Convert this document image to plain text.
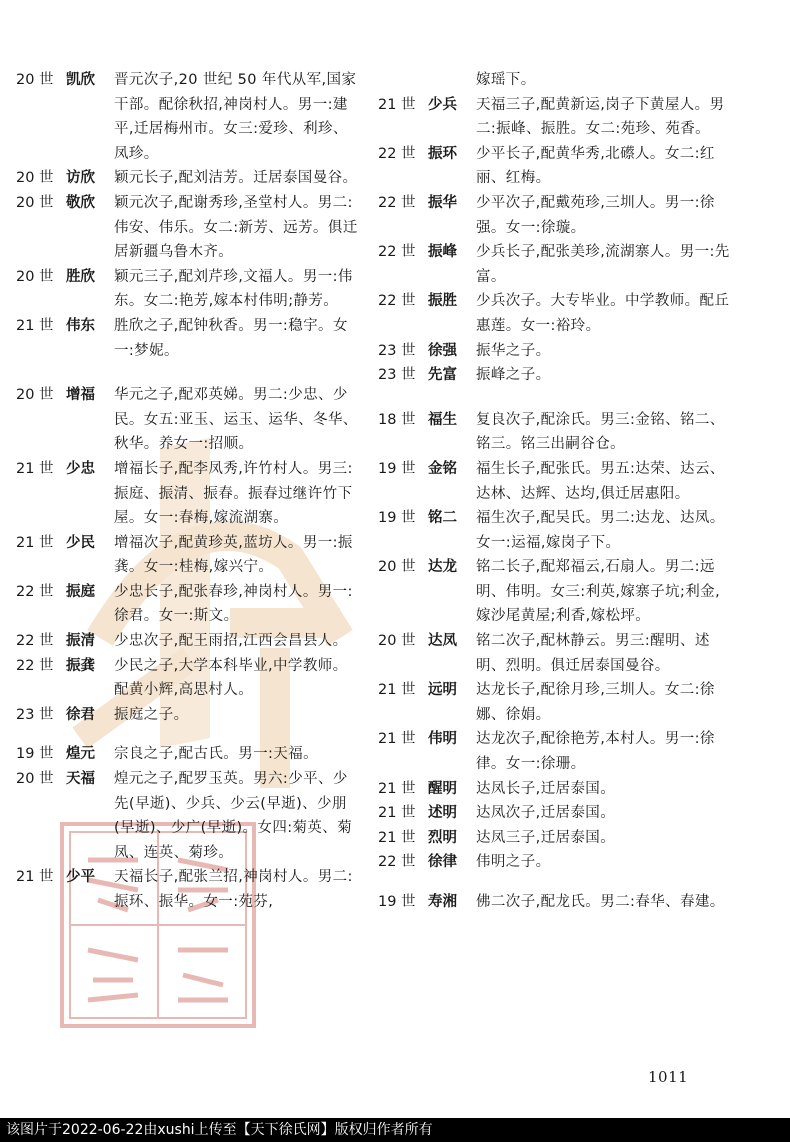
20 世 凯欣	晋元次子,20 世纪 50 年代从军,国家干部。配徐秋招,神岗村人。男一:建平,迁居梅州市。女三:爱珍、利珍、凤珍。
20 世 访欣	颖元长子,配刘洁芳。迁居泰国曼谷。
20 世 敬欣	颖元次子,配谢秀珍,圣堂村人。男二:伟安、伟乐。女二:新芳、远芳。俱迁居新疆乌鲁木齐。
20 世 胜欣	颖元三子,配刘芹珍,文福人。男一:伟东。女二:艳芳,嫁本村伟明;静芳。
21 世 伟东	胜欣之子,配钟秋香。男一:稳宇。女一:梦妮。
20 世 增福	华元之子,配邓英娣。男二:少忠、少民。女五:亚玉、运玉、运华、冬华、秋华。养女一:招顺。
21 世 少忠	增福长子,配李凤秀,许竹村人。男三:振庭、振清、振春。振春过继许竹下屋。女一:春梅,嫁流湖寨。
21 世 少民	增福次子,配黄珍英,蓝坊人。男一:振龚。女一:桂梅,嫁兴宁。
22 世 振庭	少忠长子,配张春珍,神岗村人。男一:徐君。女一:斯文。
22 世 振清	少忠次子,配王雨招,江西会昌县人。
22 世 振龚	少民之子,大学本科毕业,中学教师。配黄小辉,高思村人。
23 世 徐君	振庭之子。
19 世 煌元	宗良之子,配古氏。男一:天福。
20 世 天福	煌元之子,配罗玉英。男六:少平、少先(早逝)、少兵、少云(早逝)、少朋(早逝)、少广(早逝)。女四:菊英、菊凤、连英、菊珍。
21 世 少平	天福长子,配张兰招,神岗村人。男二:振环、振华。女一:苑芬,
嫁瑶下。
21 世 少兵	天福三子,配黄新运,岗子下黄屋人。男二:振峰、振胜。女二:苑珍、苑香。
22 世 振环	少平长子,配黄华秀,北礤人。女二:红丽、红梅。
22 世 振华	少平次子,配戴苑珍,三圳人。男一:徐强。女一:徐璇。
22 世 振峰	少兵长子,配张美珍,流湖寨人。男一:先富。
22 世 振胜	少兵次子。大专毕业。中学教师。配丘惠莲。女一:裕玲。
23 世 徐强	振华之子。
23 世 先富	振峰之子。
18 世 福生	复良次子,配涂氏。男三:金铭、铭二、铭三。铭三出嗣谷仓。
19 世 金铭	福生长子,配张氏。男五:达荣、达云、达林、达辉、达均,俱迁居惠阳。
19 世 铭二	福生次子,配吴氏。男二:达龙、达凤。女一:运福,嫁岗子下。
20 世 达龙	铭二长子,配郑福云,石扇人。男二:远明、伟明。女三:利英,嫁寨子坑;利金,嫁沙尾黄屋;利香,嫁松坪。
20 世 达凤	铭二次子,配林静云。男三:醒明、述明、烈明。俱迁居泰国曼谷。
21 世 远明	达龙长子,配徐月珍,三圳人。女二:徐娜、徐娟。
21 世 伟明	达龙次子,配徐艳芳,本村人。男一:徐律。女一:徐珊。
21 世 醒明	达凤长子,迁居泰国。
21 世 述明	达凤次子,迁居泰国。
21 世 烈明	达凤三子,迁居泰国。
22 世 徐律	伟明之子。
19 世 寿湘	佛二次子,配龙氏。男二:春华、春建。
1011
该图片于2022-06-22由xushi上传至【天下徐氏网】版权归作者所有
